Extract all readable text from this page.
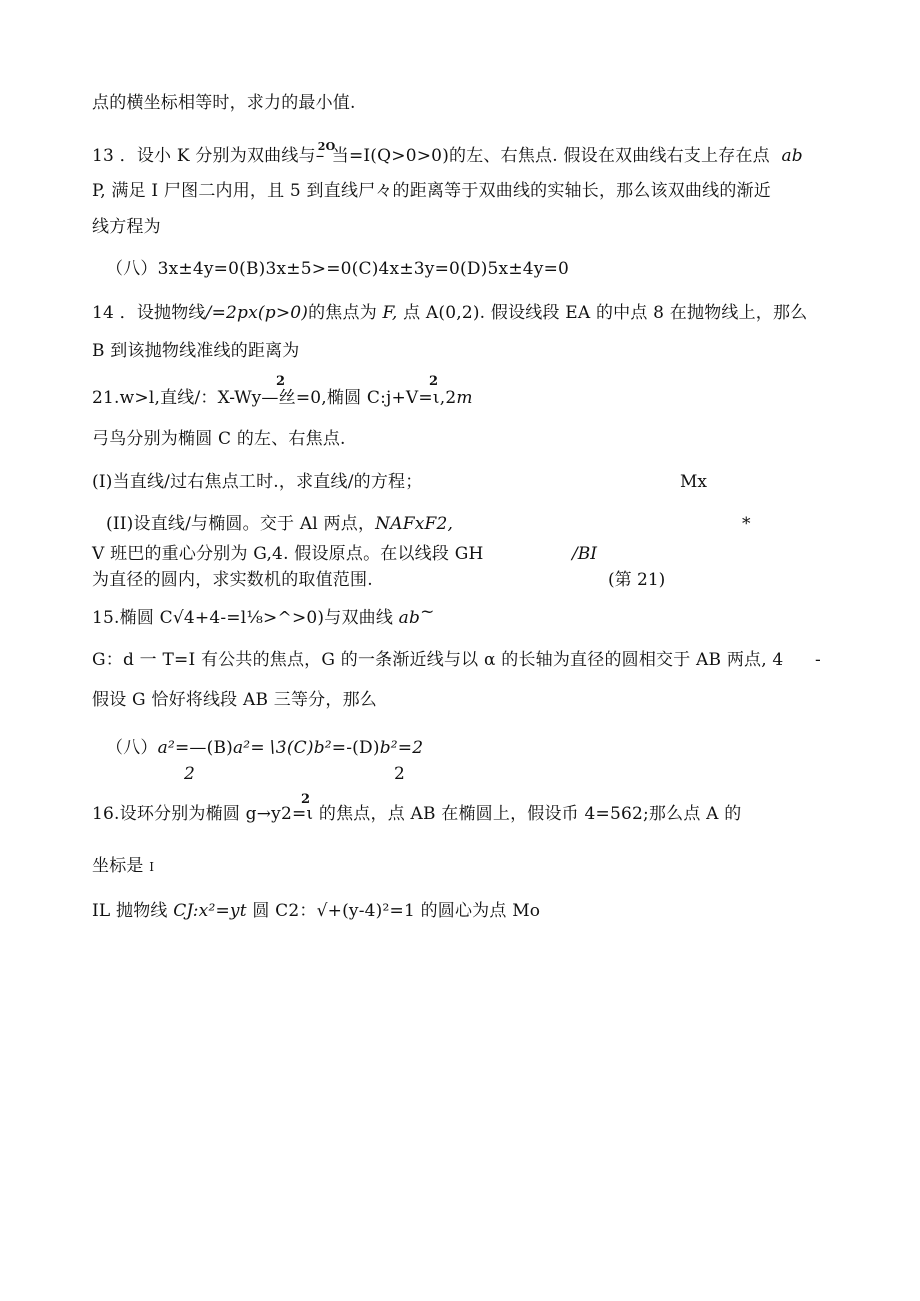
点的横坐标相等时，求力的最小值.
13 ．设小 K 分别为双曲线与 2O
– 当=I(Q>0>0)的左、右焦点. 假设在双曲线右支上存在点 ab
P, 满足 I 尸图二内用，且 5 到直线尸々的距离等于双曲线的实轴长，那么该双曲线的渐近
线方程为
（八）3x±4y=0(B)3x±5>=0(C)4x±3y=0(D)5x±4y=0
14 ．设抛物线/=2px(p>0)的焦点为 F, 点 A(0,2). 假设线段 EA 的中点 8 在抛物线上，那么
B 到该抛物线准线的距离为
2	2
21.w>l,直线/：X-Wy—丝=0,椭圆 C:j+V=ι,2m
弓鸟分别为椭圆 C 的左、右焦点.
(I)当直线/过右焦点工时.，求直线/的方程；	Mx
(II)设直线/与椭圆。交于 Al 两点，NAFxF2,	*
V 班巴的重心分别为 G,4. 假设原点。在以线段 GH	/BI
为直径的圆内，求实数机的取值范围.	(第 21)
15.椭圆 C√4+4-=l⅛>^>0)与双曲线 ab~
G：d 一 T=I 有公共的焦点，G 的一条渐近线与以 α 的长轴为直径的圆相交于 AB 两点, 4 -
假设 G 恰好将线段 AB 三等分，那么
（八）a²=—(B)a²=∖3(C)b²=-(D)b²=2
2	2
2
16.设环分别为椭圆 g→y2=ι 的焦点，点 AB 在椭圆上，假设币 4=562;那么点 A 的
坐标是 I
IL 抛物线 CJ:x²=yt 圆 C2：√+(y-4)²=1 的圆心为点 Mo
